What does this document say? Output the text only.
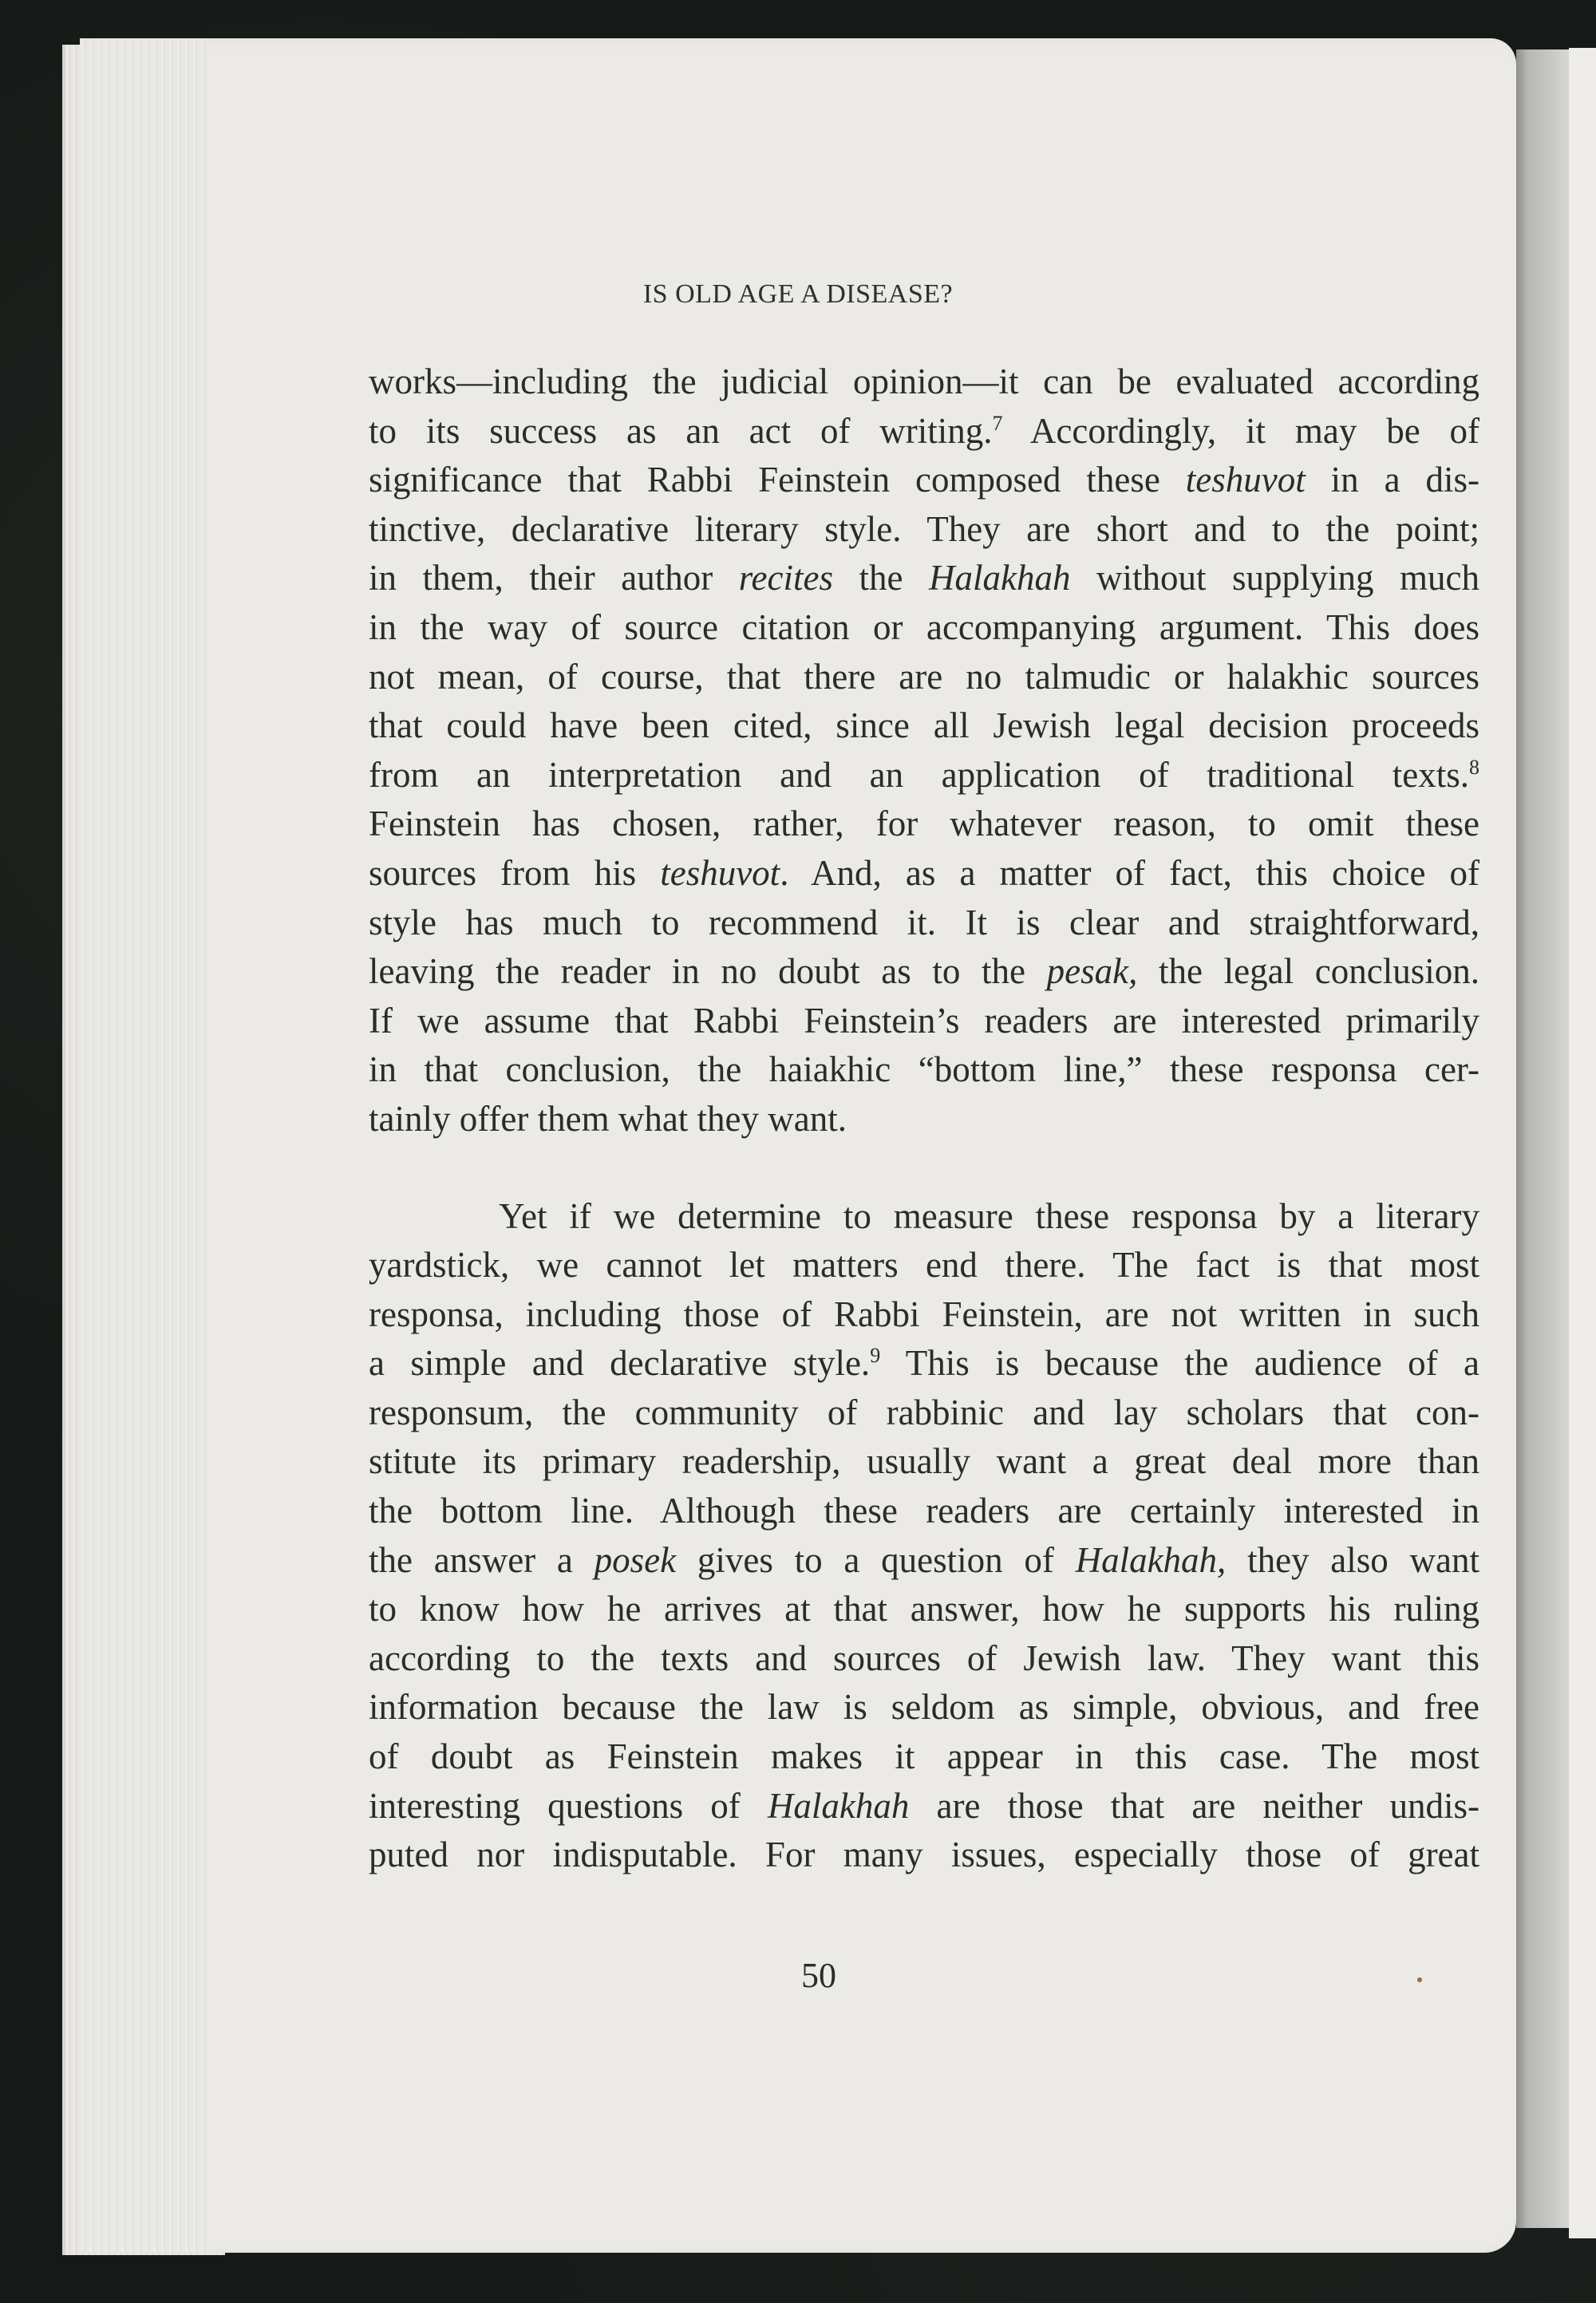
IS OLD AGE A DISEASE?
works—including the judicial opinion—it can be evaluated according
to its success as an act of writing.$^7$ Accordingly, it may be of
significance that Rabbi Feinstein composed these teshuvot in a dis-
tinctive, declarative literary style. They are short and to the point;
in them, their author recites the Halakhah without supplying much
in the way of source citation or accompanying argument. This does
not mean, of course, that there are no talmudic or halakhic sources
that could have been cited, since all Jewish legal decision proceeds
from an interpretation and an application of traditional texts.$^8$
Feinstein has chosen, rather, for whatever reason, to omit these
sources from his teshuvot. And, as a matter of fact, this choice of
style has much to recommend it. It is clear and straightforward,
leaving the reader in no doubt as to the pesak, the legal conclusion.
If we assume that Rabbi Feinstein’s readers are interested primarily
in that conclusion, the haiakhic “bottom line,” these responsa cer-
tainly offer them what they want.
Yet if we determine to measure these responsa by a literary
yardstick, we cannot let matters end there. The fact is that most
responsa, including those of Rabbi Feinstein, are not written in such
a simple and declarative style.$^9$ This is because the audience of a
responsum, the community of rabbinic and lay scholars that con-
stitute its primary readership, usually want a great deal more than
the bottom line. Although these readers are certainly interested in
the answer a posek gives to a question of Halakhah, they also want
to know how he arrives at that answer, how he supports his ruling
according to the texts and sources of Jewish law. They want this
information because the law is seldom as simple, obvious, and free
of doubt as Feinstein makes it appear in this case. The most
interesting questions of Halakhah are those that are neither undis-
puted nor indisputable. For many issues, especially those of great
50
